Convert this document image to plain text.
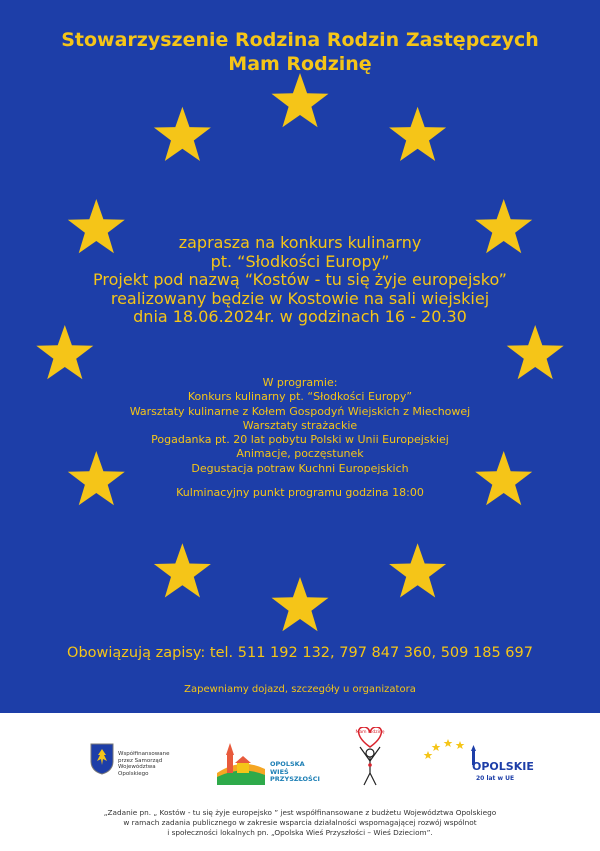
Stowarzyszenie Rodzina Rodzin Zastępczych
Mam Rodzinę
zaprasza na konkurs kulinarny
pt. “Słodkości Europy”
Projekt pod nazwą “Kostów - tu się żyje europejsko”
realizowany będzie w Kostowie na sali wiejskiej
dnia 18.06.2024r. w godzinach 16 - 20.30
W programie:
Konkurs kulinarny pt. “Słodkości Europy”
Warsztaty kulinarne z Kołem Gospodyń Wiejskich z Miechowej
Warsztaty strażackie
Pogadanka pt. 20 lat pobytu Polski w Unii Europejskiej
Animacje, poczęstunek
Degustacja potraw Kuchni Europejskich
Kulminacyjny punkt programu godzina 18:00
Obowiązują zapisy: tel. 511 192 132, 797 847 360, 509 185 697
Zapewniamy dojazd, szczegóły u organizatora
Współfinansowane
przez Samorząd
Województwa
Opolskiego
OPOLSKA
WIEŚ
PRZYSZŁOŚCI
Mam rodzinę
OPOLSKIE
20 lat w UE
„Zadanie pn. „ Kostów - tu się żyje europejsko ” jest współfinansowane z budżetu Województwa Opolskiego
w ramach zadania publicznego w zakresie wsparcia działalności wspomagającej rozwój wspólnot
i społeczności lokalnych pn. „Opolska Wieś Przyszłości – Wieś Dzieciom”.
